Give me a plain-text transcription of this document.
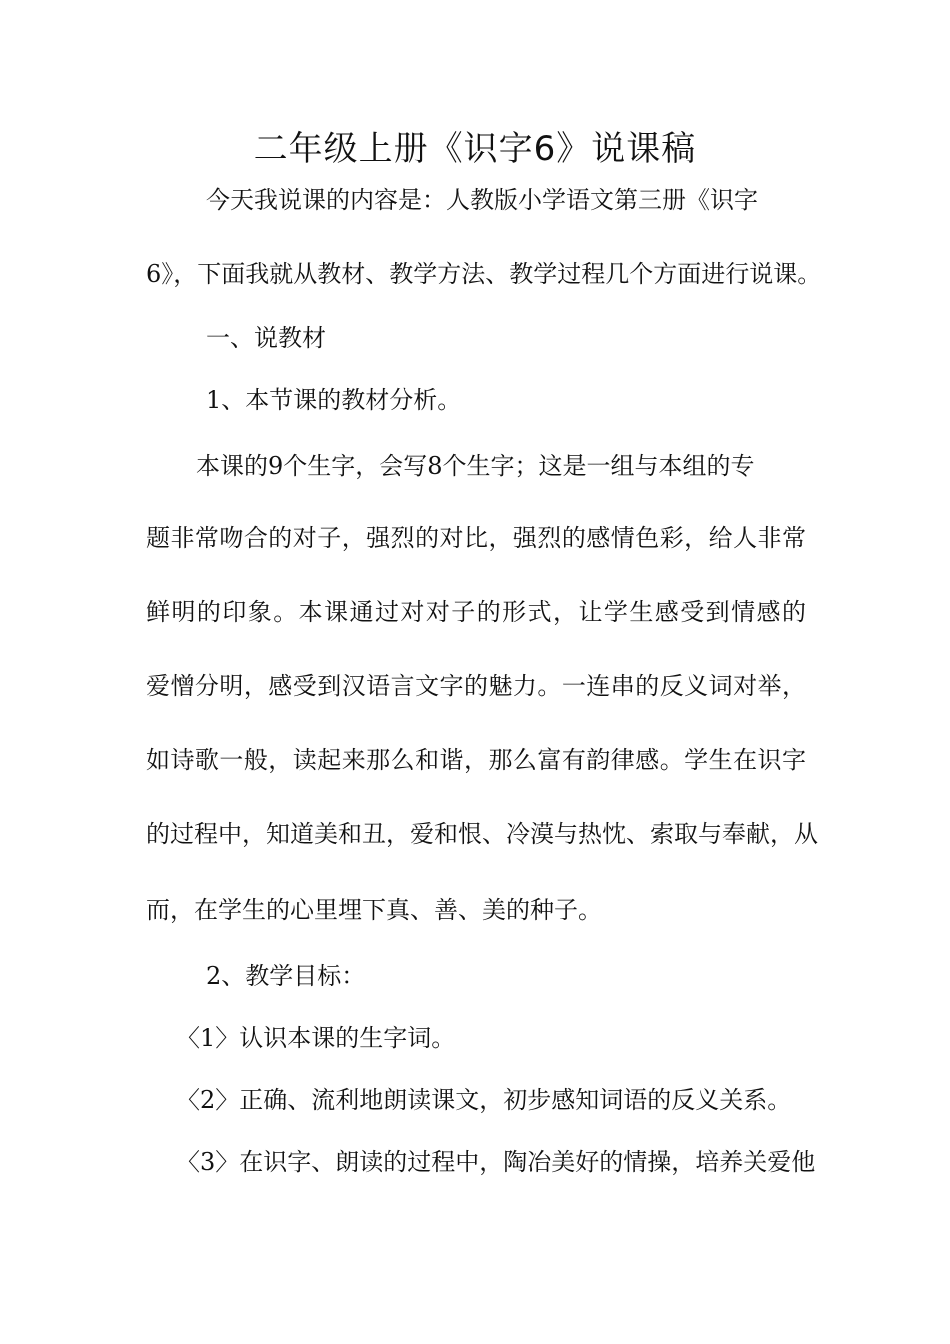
二年级上册《识字6》说课稿

今天我说课的内容是：人教版小学语文第三册《识字

6》，下面我就从教材、教学方法、教学过程几个方面进行说课。

一、说教材

1、本节课的教材分析。

本课的9个生字，会写8个生字；这是一组与本组的专

题非常吻合的对子，强烈的对比，强烈的感情色彩，给人非常

鲜明的印象。本课通过对对子的形式，让学生感受到情感的

爱憎分明，感受到汉语言文字的魅力。一连串的反义词对举，

如诗歌一般，读起来那么和谐，那么富有韵律感。学生在识字

的过程中，知道美和丑，爱和恨、冷漠与热忱、索取与奉献，从

而，在学生的心里埋下真、善、美的种子。

2、教学目标：

〈1〉认识本课的生字词。

〈2〉正确、流利地朗读课文，初步感知词语的反义关系。

〈3〉在识字、朗读的过程中，陶冶美好的情操，培养关爱他
